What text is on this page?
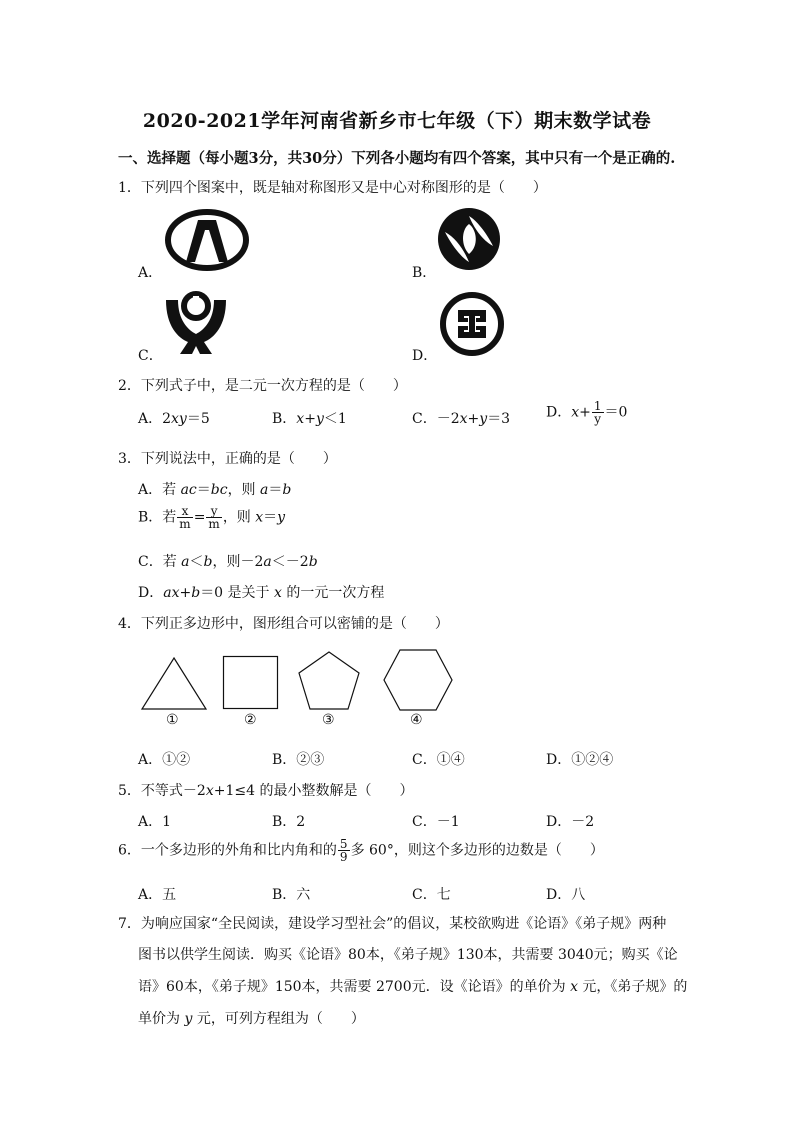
2020-2021学年河南省新乡市七年级（下）期末数学试卷
一、选择题（每小题3分，共30分）下列各小题均有四个答案，其中只有一个是正确的.
1．下列四个图案中，既是轴对称图形又是中心对称图形的是（　　）
A．	B．
C．	D．
2．下列式子中，是二元一次方程的是（　　）
A．2xy＝5	B．x+y＜1	C．－2x+y＝3	D．$x+ \frac{1}{y} =0$
3．下列说法中，正确的是（　　）
A．若 ac＝bc，则 a＝b
B．若 $\frac{x}{m} = \frac{y}{m}$ ，则 x＝y
C．若 a＜b，则－2a＜－2b
D．ax+b＝0 是关于 x 的一元一次方程
4．下列正多边形中，图形组合可以密铺的是（　　）
①	②	③	④
A．①②	B．②③	C．①④	D．①②④
5．不等式－2x+1≤4 的最小整数解是（　　）
A．1	B．2	C．－1	D．－2
6．一个多边形的外角和比内角和的 $\frac{5}{9}$ 多 60°，则这个多边形的边数是（　　）
A．五	B．六	C．七	D．八
7．为响应国家“全民阅读，建设学习型社会”的倡议，某校欲购进《论语》《弟子规》两种
图书以供学生阅读．购买《论语》80本，《弟子规》130本，共需要 3040元；购买《论
语》60本，《弟子规》150本，共需要 2700元．设《论语》的单价为 x 元，《弟子规》的
单价为 y 元，可列方程组为（　　）
